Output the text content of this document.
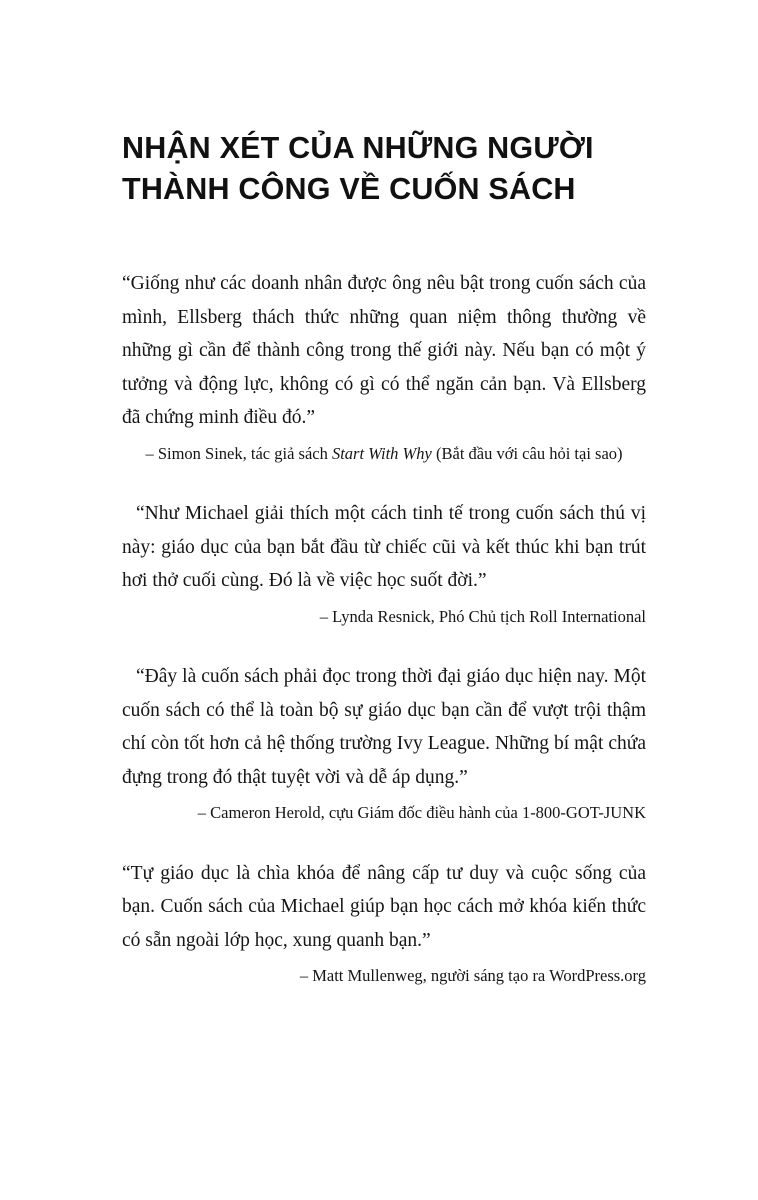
NHẬN XÉT CỦA NHỮNG NGƯỜI
THÀNH CÔNG VỀ CUỐN SÁCH

“Giống như các doanh nhân được ông nêu bật trong cuốn sách của mình, Ellsberg thách thức những quan niệm thông thường về những gì cần để thành công trong thế giới này. Nếu bạn có một ý tưởng và động lực, không có gì có thể ngăn cản bạn. Và Ellsberg đã chứng minh điều đó.”

– Simon Sinek, tác giả sách Start With Why (Bắt đầu với câu hỏi tại sao)

“Như Michael giải thích một cách tinh tế trong cuốn sách thú vị này: giáo dục của bạn bắt đầu từ chiếc cũi và kết thúc khi bạn trút hơi thở cuối cùng. Đó là về việc học suốt đời.”

– Lynda Resnick, Phó Chủ tịch Roll International

“Đây là cuốn sách phải đọc trong thời đại giáo dục hiện nay. Một cuốn sách có thể là toàn bộ sự giáo dục bạn cần để vượt trội thậm chí còn tốt hơn cả hệ thống trường Ivy League. Những bí mật chứa đựng trong đó thật tuyệt vời và dễ áp dụng.”

– Cameron Herold, cựu Giám đốc điều hành của 1-800-GOT-JUNK

“Tự giáo dục là chìa khóa để nâng cấp tư duy và cuộc sống của bạn. Cuốn sách của Michael giúp bạn học cách mở khóa kiến thức có sẵn ngoài lớp học, xung quanh bạn.”

– Matt Mullenweg, người sáng tạo ra WordPress.org
